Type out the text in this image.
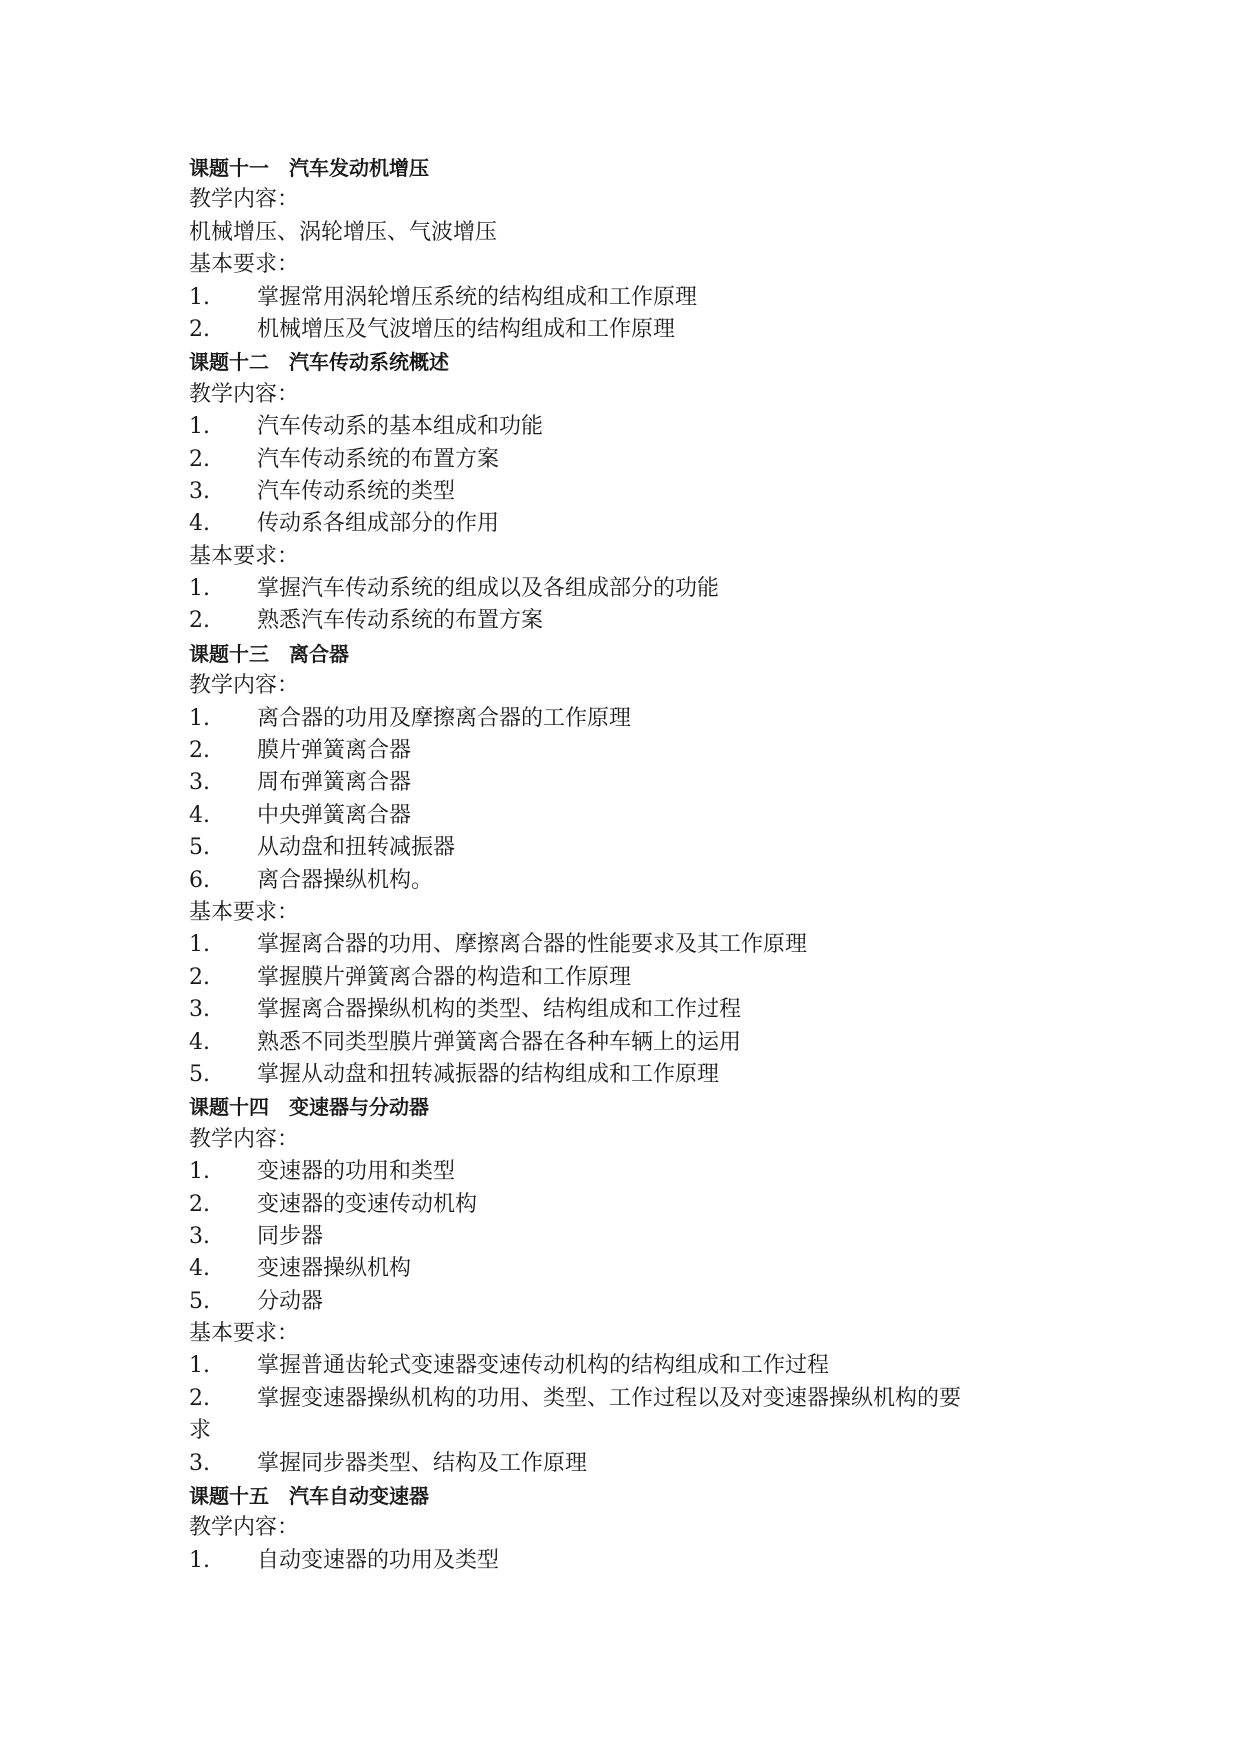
课题十一　汽车发动机增压
教学内容：
机械增压、涡轮增压、气波增压
基本要求：
1. 掌握常用涡轮增压系统的结构组成和工作原理
2. 机械增压及气波增压的结构组成和工作原理
课题十二　汽车传动系统概述
教学内容：
1. 汽车传动系的基本组成和功能
2. 汽车传动系统的布置方案
3. 汽车传动系统的类型
4. 传动系各组成部分的作用
基本要求：
1. 掌握汽车传动系统的组成以及各组成部分的功能
2. 熟悉汽车传动系统的布置方案
课题十三　离合器
教学内容：
1. 离合器的功用及摩擦离合器的工作原理
2. 膜片弹簧离合器
3. 周布弹簧离合器
4. 中央弹簧离合器
5. 从动盘和扭转减振器
6. 离合器操纵机构。
基本要求：
1. 掌握离合器的功用、摩擦离合器的性能要求及其工作原理
2. 掌握膜片弹簧离合器的构造和工作原理
3. 掌握离合器操纵机构的类型、结构组成和工作过程
4. 熟悉不同类型膜片弹簧离合器在各种车辆上的运用
5. 掌握从动盘和扭转减振器的结构组成和工作原理
课题十四　变速器与分动器
教学内容：
1. 变速器的功用和类型
2. 变速器的变速传动机构
3. 同步器
4. 变速器操纵机构
5. 分动器
基本要求：
1. 掌握普通齿轮式变速器变速传动机构的结构组成和工作过程
2. 掌握变速器操纵机构的功用、类型、工作过程以及对变速器操纵机构的要
求
3. 掌握同步器类型、结构及工作原理
课题十五　汽车自动变速器
教学内容：
1. 自动变速器的功用及类型
